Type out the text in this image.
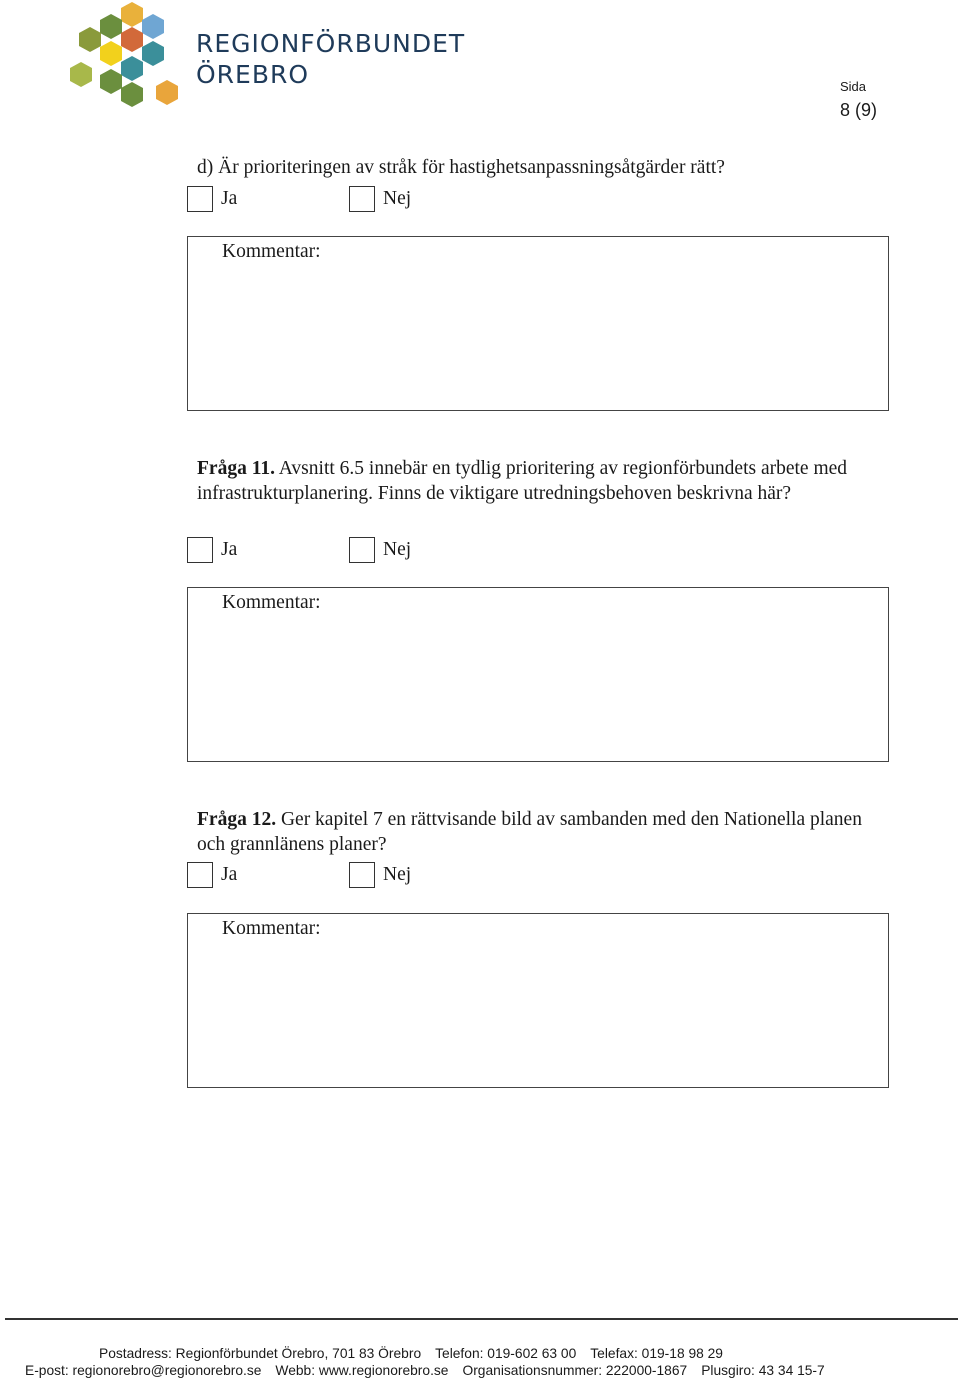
REGIONFÖRBUNDET
ÖREBRO	Sida
8 (9)
d) Är prioriteringen av stråk för hastighetsanpassningsåtgärder rätt?
Ja	Nej
Kommentar:
Fråga 11. Avsnitt 6.5 innebär en tydlig prioritering av regionförbundets arbete med infrastrukturplanering. Finns de viktigare utredningsbehoven beskrivna här?
Ja	Nej
Kommentar:
Fråga 12. Ger kapitel 7 en rättvisande bild av sambanden med den Nationella planen och grannlänens planer?
Ja	Nej
Kommentar:
Postadress: Regionförbundet Örebro, 701 83 Örebro Telefon: 019-602 63 00 Telefax: 019-18 98 29
E-post: regionorebro@regionorebro.se Webb: www.regionorebro.se Organisationsnummer: 222000-1867 Plusgiro: 43 34 15-7
